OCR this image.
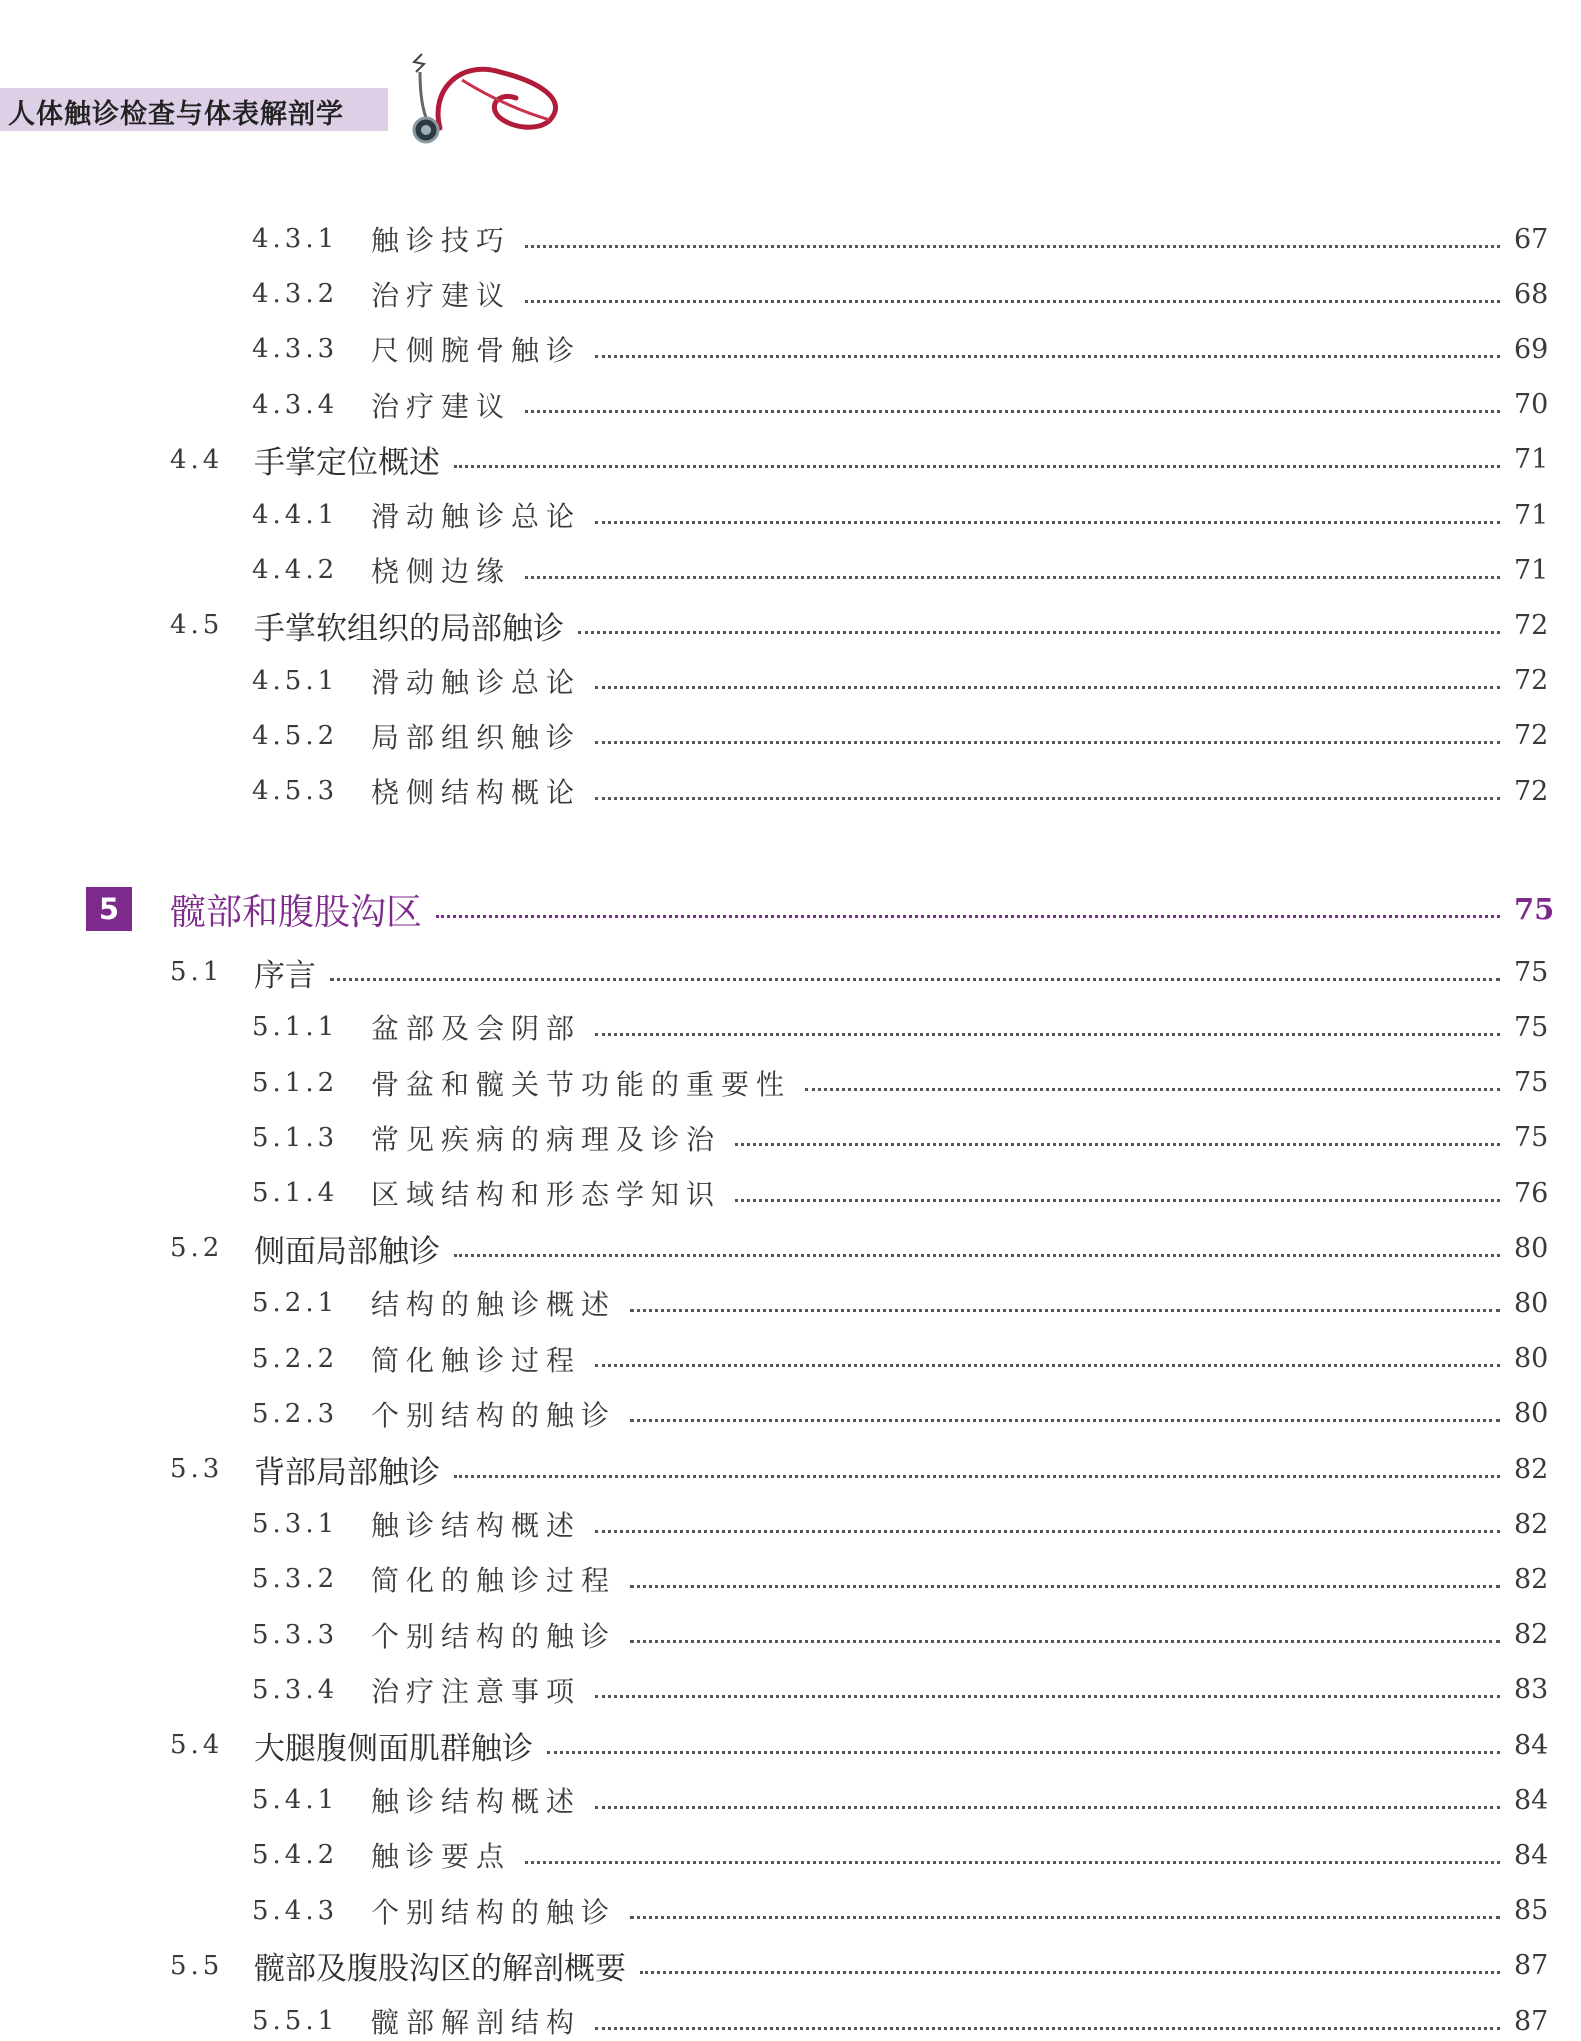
人体触诊检查与体表解剖学
4.3.1	触诊技巧	67
4.3.2	治疗建议	68
4.3.3	尺侧腕骨触诊	69
4.3.4	治疗建议	70
4.4 手掌定位概述	71
4.4.1	滑动触诊总论	71
4.4.2	桡侧边缘	71
4.5 手掌软组织的局部触诊	72
4.5.1	滑动触诊总论	72
4.5.2	局部组织触诊	72
4.5.3	桡侧结构概论	72
5	髋部和腹股沟区	75
5.1 序言	75
5.1.1	盆部及会阴部	75
5.1.2	骨盆和髋关节功能的重要性	75
5.1.3	常见疾病的病理及诊治	75
5.1.4	区域结构和形态学知识	76
5.2 侧面局部触诊	80
5.2.1	结构的触诊概述	80
5.2.2	简化触诊过程	80
5.2.3	个别结构的触诊	80
5.3 背部局部触诊	82
5.3.1	触诊结构概述	82
5.3.2	简化的触诊过程	82
5.3.3	个别结构的触诊	82
5.3.4	治疗注意事项	83
5.4 大腿腹侧面肌群触诊	84
5.4.1	触诊结构概述	84
5.4.2	触诊要点	84
5.4.3	个别结构的触诊	85
5.5 髋部及腹股沟区的解剖概要	87
5.5.1	髋部解剖结构	87
